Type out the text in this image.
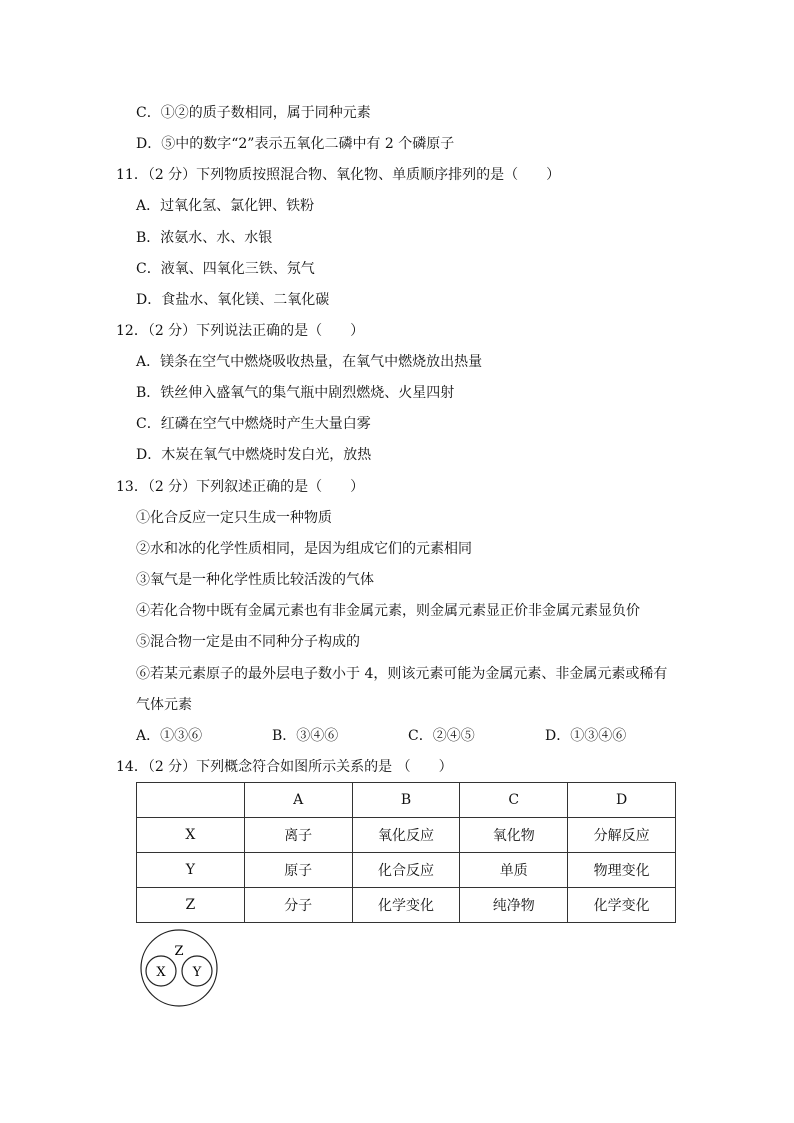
C．①②的质子数相同，属于同种元素
D．⑤中的数字“2”表示五氧化二磷中有 2 个磷原子
11．（2 分）下列物质按照混合物、氧化物、单质顺序排列的是（　　）
A．过氧化氢、氯化钾、铁粉
B．浓氨水、水、水银
C．液氧、四氧化三铁、氖气
D．食盐水、氧化镁、二氧化碳
12．（2 分）下列说法正确的是（　　）
A．镁条在空气中燃烧吸收热量，在氧气中燃烧放出热量
B．铁丝伸入盛氧气的集气瓶中剧烈燃烧、火星四射
C．红磷在空气中燃烧时产生大量白雾
D．木炭在氧气中燃烧时发白光，放热
13．（2 分）下列叙述正确的是（　　）
①化合反应一定只生成一种物质
②水和冰的化学性质相同，是因为组成它们的元素相同
③氧气是一种化学性质比较活泼的气体
④若化合物中既有金属元素也有非金属元素，则金属元素显正价非金属元素显负价
⑤混合物一定是由不同种分子构成的
⑥若某元素原子的最外层电子数小于 4，则该元素可能为金属元素、非金属元素或稀有
气体元素
A．①③⑥	B．③④⑥	C．②④⑤	D．①③④⑥
14．（2 分）下列概念符合如图所示关系的是 （　　）
	A	B	C	D
X	离子	氧化反应	氧化物	分解反应
Y	原子	化合反应	单质	物理变化
Z	分子	化学变化	纯净物	化学变化
Z
X Y
